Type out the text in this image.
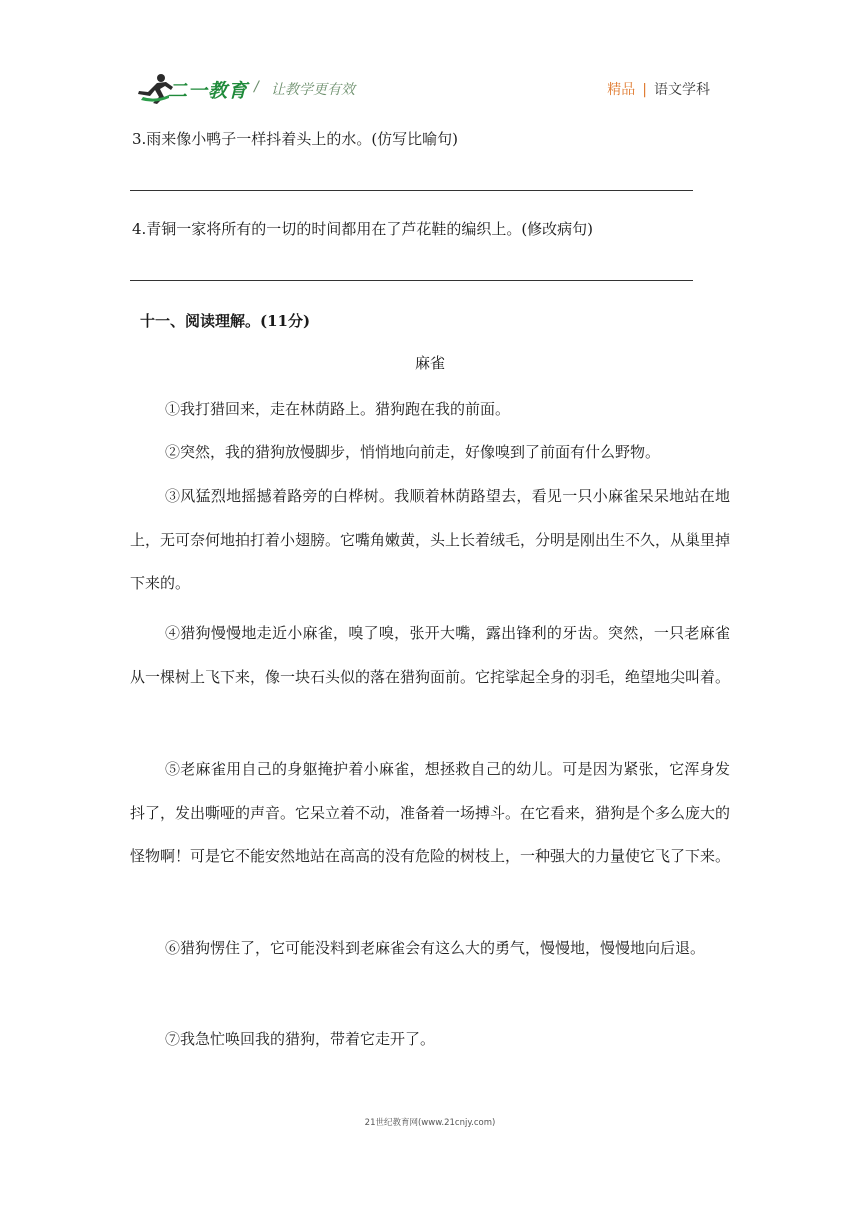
二一教育 / 让教学更有效	精品 | 语文学科
3.雨来像小鸭子一样抖着头上的水。(仿写比喻句)
4.青铜一家将所有的一切的时间都用在了芦花鞋的编织上。(修改病句)
十一、阅读理解。(11分)
麻雀
①我打猎回来，走在林荫路上。猎狗跑在我的前面。
②突然，我的猎狗放慢脚步，悄悄地向前走，好像嗅到了前面有什么野物。
③风猛烈地摇撼着路旁的白桦树。我顺着林荫路望去，看见一只小麻雀呆呆地站在地上，无可奈何地拍打着小翅膀。它嘴角嫩黄，头上长着绒毛，分明是刚出生不久，从巢里掉下来的。
④猎狗慢慢地走近小麻雀，嗅了嗅，张开大嘴，露出锋利的牙齿。突然，一只老麻雀从一棵树上飞下来，像一块石头似的落在猎狗面前。它挓挲起全身的羽毛，绝望地尖叫着。
⑤老麻雀用自己的身躯掩护着小麻雀，想拯救自己的幼儿。可是因为紧张，它浑身发抖了，发出嘶哑的声音。它呆立着不动，准备着一场搏斗。在它看来，猎狗是个多么庞大的怪物啊！可是它不能安然地站在高高的没有危险的树枝上，一种强大的力量使它飞了下来。
⑥猎狗愣住了，它可能没料到老麻雀会有这么大的勇气，慢慢地，慢慢地向后退。
⑦我急忙唤回我的猎狗，带着它走开了。
21世纪教育网(www.21cnjy.com)
